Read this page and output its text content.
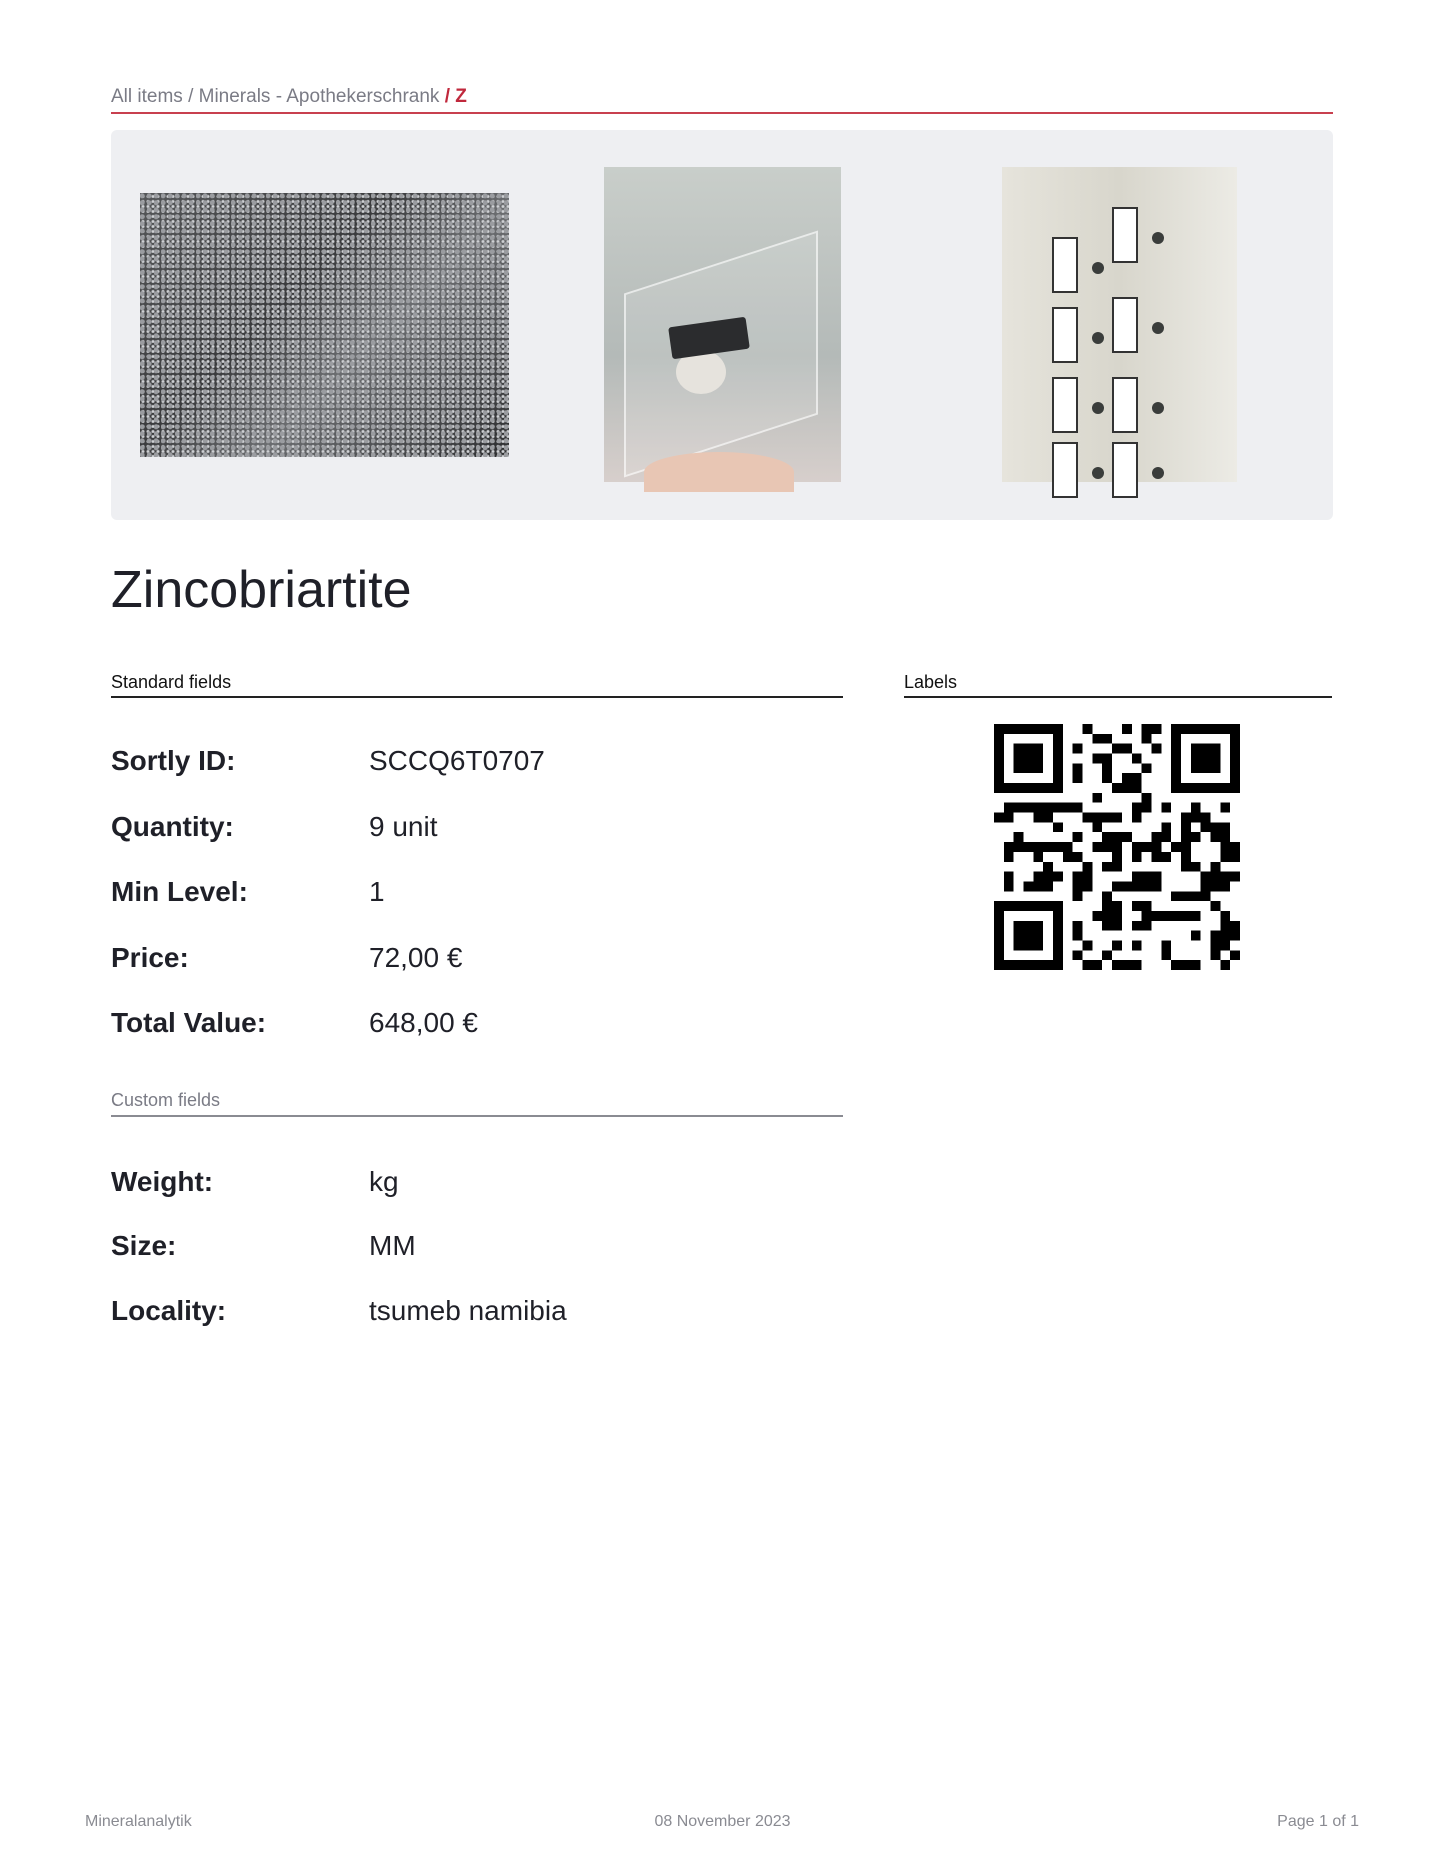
All items / Minerals - Apothekerschrank / Z
Zincobriartite
Standard fields
Sortly ID:	SCCQ6T0707
Quantity:	9 unit
Min Level:	1
Price:	72,00 €
Total Value:	648,00 €
Custom fields
Weight:	kg
Size:	MM
Locality:	tsumeb namibia
Labels
Mineralanalytik	08 November 2023	Page 1 of 1
